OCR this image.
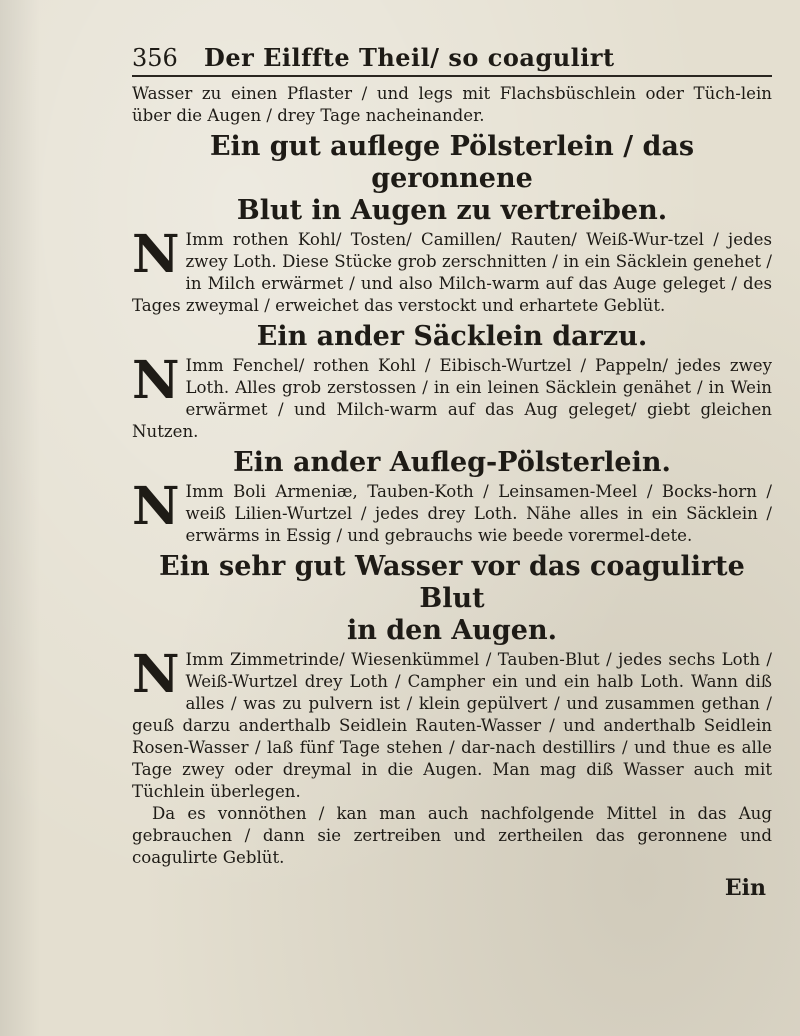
356	Der Eilffte Theil/ so coagulirt

Wasser zu einen Pflaster / und legs mit Flachsbüschlein oder Tüch-lein über die Augen / drey Tage nacheinander.

Ein gut auflege Pölsterlein / das geronnene
Blut in Augen zu vertreiben.

N Imm rothen Kohl/ Tosten/ Camillen/ Rauten/ Weiß-Wur-tzel / jedes zwey Loth. Diese Stücke grob zerschnitten / in ein Säcklein genehet / in Milch erwärmet / und also Milch-warm auf das Auge geleget / des Tages zweymal / erweichet das verstockt und erhartete Geblüt.

Ein ander Säcklein darzu.

N Imm Fenchel/ rothen Kohl / Eibisch-Wurtzel / Pappeln/ jedes zwey Loth. Alles grob zerstossen / in ein leinen Säcklein genähet / in Wein erwärmet / und Milch-warm auf das Aug geleget/ giebt gleichen Nutzen.

Ein ander Aufleg-Pölsterlein.

N Imm Boli Armeniæ, Tauben-Koth / Leinsamen-Meel / Bocks-horn / weiß Lilien-Wurtzel / jedes drey Loth. Nähe alles in ein Säcklein / erwärms in Essig / und gebrauchs wie beede vorermel-dete.

Ein sehr gut Wasser vor das coagulirte Blut
in den Augen.

N Imm Zimmetrinde/ Wiesenkümmel / Tauben-Blut / jedes sechs Loth / Weiß-Wurtzel drey Loth / Campher ein und ein halb Loth. Wann diß alles / was zu pulvern ist / klein gepülvert / und zusammen gethan / geuß darzu anderthalb Seidlein Rauten-Wasser / und anderthalb Seidlein Rosen-Wasser / laß fünf Tage stehen / dar-nach destillirs / und thue es alle Tage zwey oder dreymal in die Augen. Man mag diß Wasser auch mit Tüchlein überlegen.

Da es vonnöthen / kan man auch nachfolgende Mittel in das Aug gebrauchen / dann sie zertreiben und zertheilen das geronnene und coagulirte Geblüt.

Ein
